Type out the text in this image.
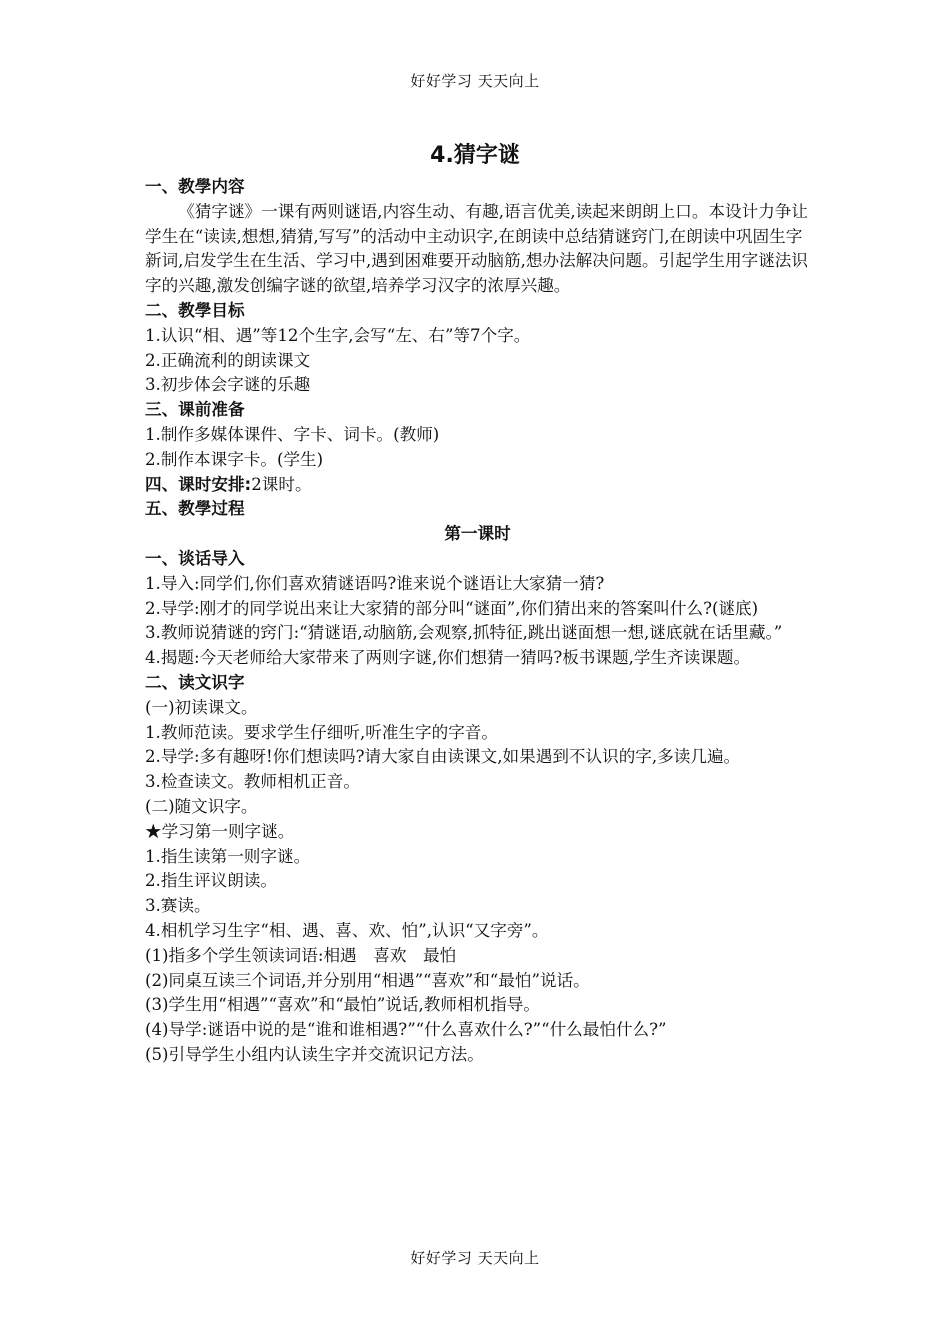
好好学习 天天向上
4.猜字谜

一、教學内容

《猜字谜》一课有两则谜语,内容生动、有趣,语言优美,读起来朗朗上口。本设计力争让学生在“读读,想想,猜猜,写写”的活动中主动识字,在朗读中总结猜谜窍门,在朗读中巩固生字新词,启发学生在生活、学习中,遇到困难要开动脑筋,想办法解决问题。引起学生用字谜法识字的兴趣,激发创编字谜的欲望,培养学习汉字的浓厚兴趣。

二、教學目标

1.认识“相、遇”等12个生字,会写“左、右”等7个字。

2.正确流利的朗读课文

3.初步体会字谜的乐趣

三、课前准备

1.制作多媒体课件、字卡、词卡。(教师)

2.制作本课字卡。(学生)

四、课时安排:2课时。

五、教學过程

第一课时

一、谈话导入

1.导入:同学们,你们喜欢猜谜语吗?谁来说个谜语让大家猜一猜?

2.导学:刚才的同学说出来让大家猜的部分叫“谜面”,你们猜出来的答案叫什么?(谜底)

3.教师说猜谜的窍门:“猜谜语,动脑筋,会观察,抓特征,跳出谜面想一想,谜底就在话里藏。”

4.揭题:今天老师给大家带来了两则字谜,你们想猜一猜吗?板书课题,学生齐读课题。

二、读文识字

(一)初读课文。

1.教师范读。要求学生仔细听,听准生字的字音。

2.导学:多有趣呀!你们想读吗?请大家自由读课文,如果遇到不认识的字,多读几遍。

3.检查读文。教师相机正音。

(二)随文识字。

★学习第一则字谜。

1.指生读第一则字谜。

2.指生评议朗读。

3.赛读。

4.相机学习生字“相、遇、喜、欢、怕”,认识“又字旁”。

(1)指多个学生领读词语:相遇　喜欢　最怕

(2)同桌互读三个词语,并分别用“相遇”“喜欢”和“最怕”说话。

(3)学生用“相遇”“喜欢”和“最怕”说话,教师相机指导。

(4)导学:谜语中说的是“谁和谁相遇?”“什么喜欢什么?”“什么最怕什么?”

(5)引导学生小组内认读生字并交流识记方法。

好好学习 天天向上
